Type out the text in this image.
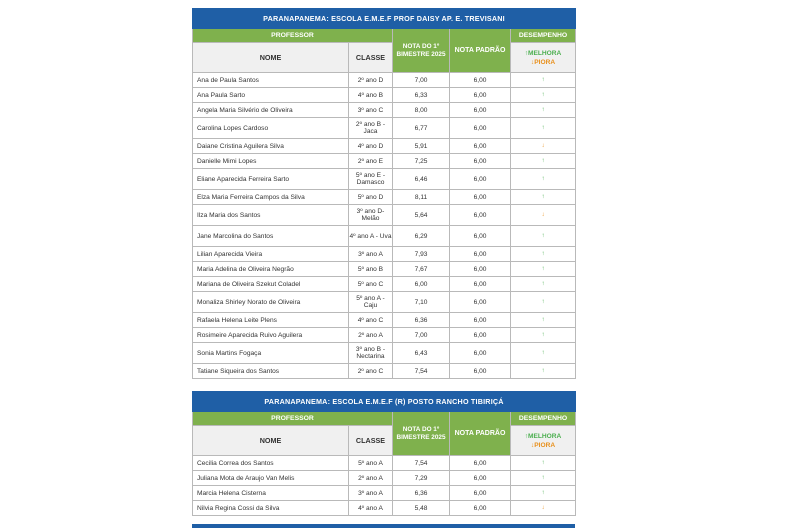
PARANAPANEMA: ESCOLA E.M.E.F PROF DAISY AP. E. TREVISANI				
PROFESSOR		NOTA DO 1º BIMESTRE 2025	NOTA PADRÃO	DESEMPENHO
NOME	CLASSE			↑MELHORA
↓PIORA

Ana de Paula Santos	2º ano D	7,00	6,00	↑
Ana Paula Sarto	4º ano B	6,33	6,00	↑
Angela Maria Silvério de Oliveira	3º ano C	8,00	6,00	↑
Carolina Lopes Cardoso	2º ano B - Jaca	6,77	6,00	↑
Daiane Cristina Aguilera Silva	4º ano D	5,91	6,00	↓
Danielle Mimi Lopes	2º ano E	7,25	6,00	↑
Eliane Aparecida Ferreira Sarto	5º ano E - Damasco	6,46	6,00	↑
Elza Maria Ferreira Campos da Silva	5º ano D	8,11	6,00	↑
Ilza Maria dos Santos	3º ano D- Melão	5,64	6,00	↓
Jane Marcolina do Santos	4º ano A - Uva	6,29	6,00	↑
Lilian Aparecida Vieira	3º ano A	7,93	6,00	↑
Maria Adelina de Oliveira Negrão	5º ano B	7,67	6,00	↑
Mariana de Oliveira Szekut Coladel	5º ano C	6,00	6,00	↑
Monaliza Shirley Norato de Oliveira	5º ano A - Caju	7,10	6,00	↑
Rafaela Helena Leite Plens	4º ano C	6,36	6,00	↑
Rosimeire Aparecida Ruivo Aguilera	2º ano A	7,00	6,00	↑
Sonia Martins Fogaça	3º ano B - Nectarina	6,43	6,00	↑
Tatiane Siqueira dos Santos	2º ano C	7,54	6,00	↑
PARANAPANEMA: ESCOLA E.M.E.F (R) POSTO RANCHO TIBIRIÇÁ				
PROFESSOR		NOTA DO 1º BIMESTRE 2025	NOTA PADRÃO	DESEMPENHO
NOME	CLASSE			↑MELHORA
↓PIORA

Cecilia Correa dos Santos	5º ano A	7,54	6,00	↑
Juliana Mota de Araujo Van Melis	2º ano A	7,29	6,00	↑
Marcia Helena Cisterna	3º ano A	6,36	6,00	↑
Nilvia Regina Cossi da Silva	4º ano A	5,48	6,00	↓
